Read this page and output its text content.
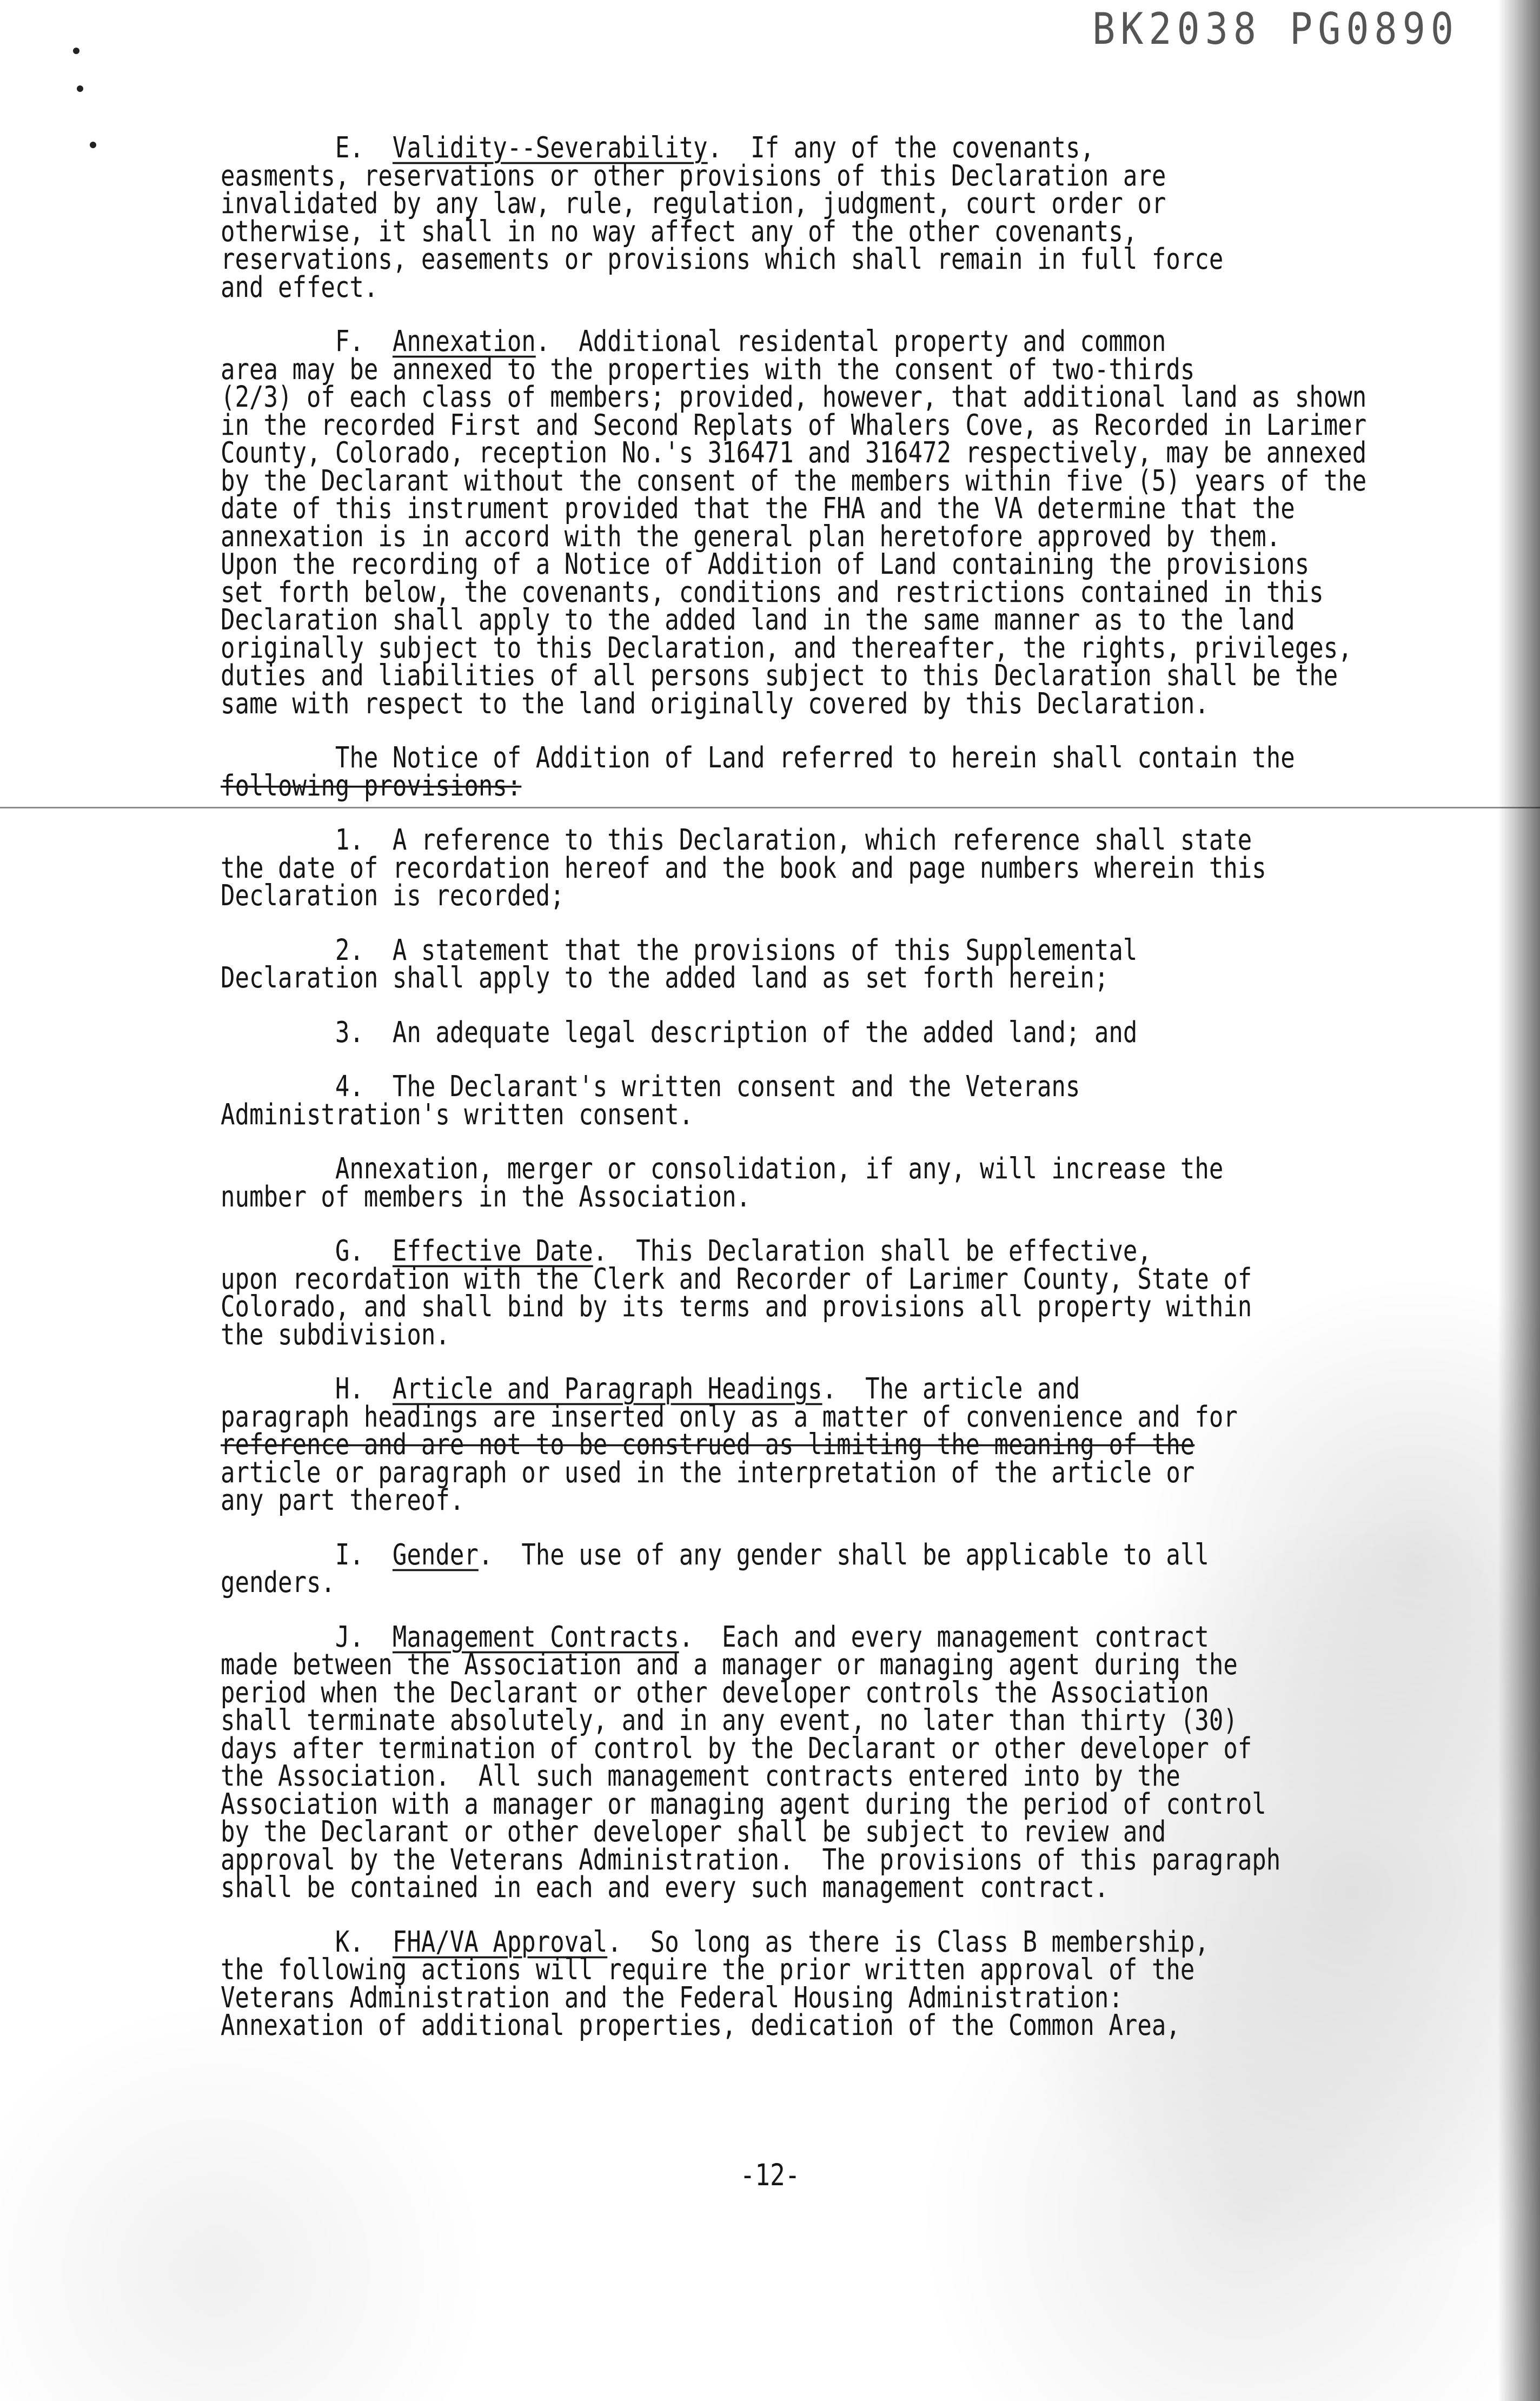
BK2038 PG0890
E.  Validity--Severability.  If any of the covenants,
easments, reservations or other provisions of this Declaration are
invalidated by any law, rule, regulation, judgment, court order or
otherwise, it shall in no way affect any of the other covenants,
reservations, easements or provisions which shall remain in full force
and effect.
F.  Annexation.  Additional residental property and common
area may be annexed to the properties with the consent of two-thirds
(2/3) of each class of members; provided, however, that additional land as shown
in the recorded First and Second Replats of Whalers Cove, as Recorded in Larimer
County, Colorado, reception No.'s 316471 and 316472 respectively, may be annexed
by the Declarant without the consent of the members within five (5) years of the
date of this instrument provided that the FHA and the VA determine that the
annexation is in accord with the general plan heretofore approved by them.
Upon the recording of a Notice of Addition of Land containing the provisions
set forth below, the covenants, conditions and restrictions contained in this
Declaration shall apply to the added land in the same manner as to the land
originally subject to this Declaration, and thereafter, the rights, privileges,
duties and liabilities of all persons subject to this Declaration shall be the
same with respect to the land originally covered by this Declaration.
The Notice of Addition of Land referred to herein shall contain the
following provisions:
1.  A reference to this Declaration, which reference shall state
the date of recordation hereof and the book and page numbers wherein this
Declaration is recorded;
2.  A statement that the provisions of this Supplemental
Declaration shall apply to the added land as set forth herein;
3.  An adequate legal description of the added land; and
4.  The Declarant's written consent and the Veterans
Administration's written consent.
Annexation, merger or consolidation, if any, will increase the
number of members in the Association.
G.  Effective Date.  This Declaration shall be effective,
upon recordation with the Clerk and Recorder of Larimer County, State of
Colorado, and shall bind by its terms and provisions all property within
the subdivision.
H.  Article and Paragraph Headings.  The article and
paragraph headings are inserted only as a matter of convenience and for
reference and are not to be construed as limiting the meaning of the
article or paragraph or used in the interpretation of the article or
any part thereof.
I.  Gender.  The use of any gender shall be applicable to all
genders.
J.  Management Contracts.  Each and every management contract
made between the Association and a manager or managing agent during the
period when the Declarant or other developer controls the Association
shall terminate absolutely, and in any event, no later than thirty (30)
days after termination of control by the Declarant or other developer of
the Association.  All such management contracts entered into by the
Association with a manager or managing agent during the period of control
by the Declarant or other developer shall be subject to review and
approval by the Veterans Administration.  The provisions of this paragraph
shall be contained in each and every such management contract.
K.  FHA/VA Approval.  So long as there is Class B membership,
the following actions will require the prior written approval of the
Veterans Administration and the Federal Housing Administration:
Annexation of additional properties, dedication of the Common Area,
-12-
